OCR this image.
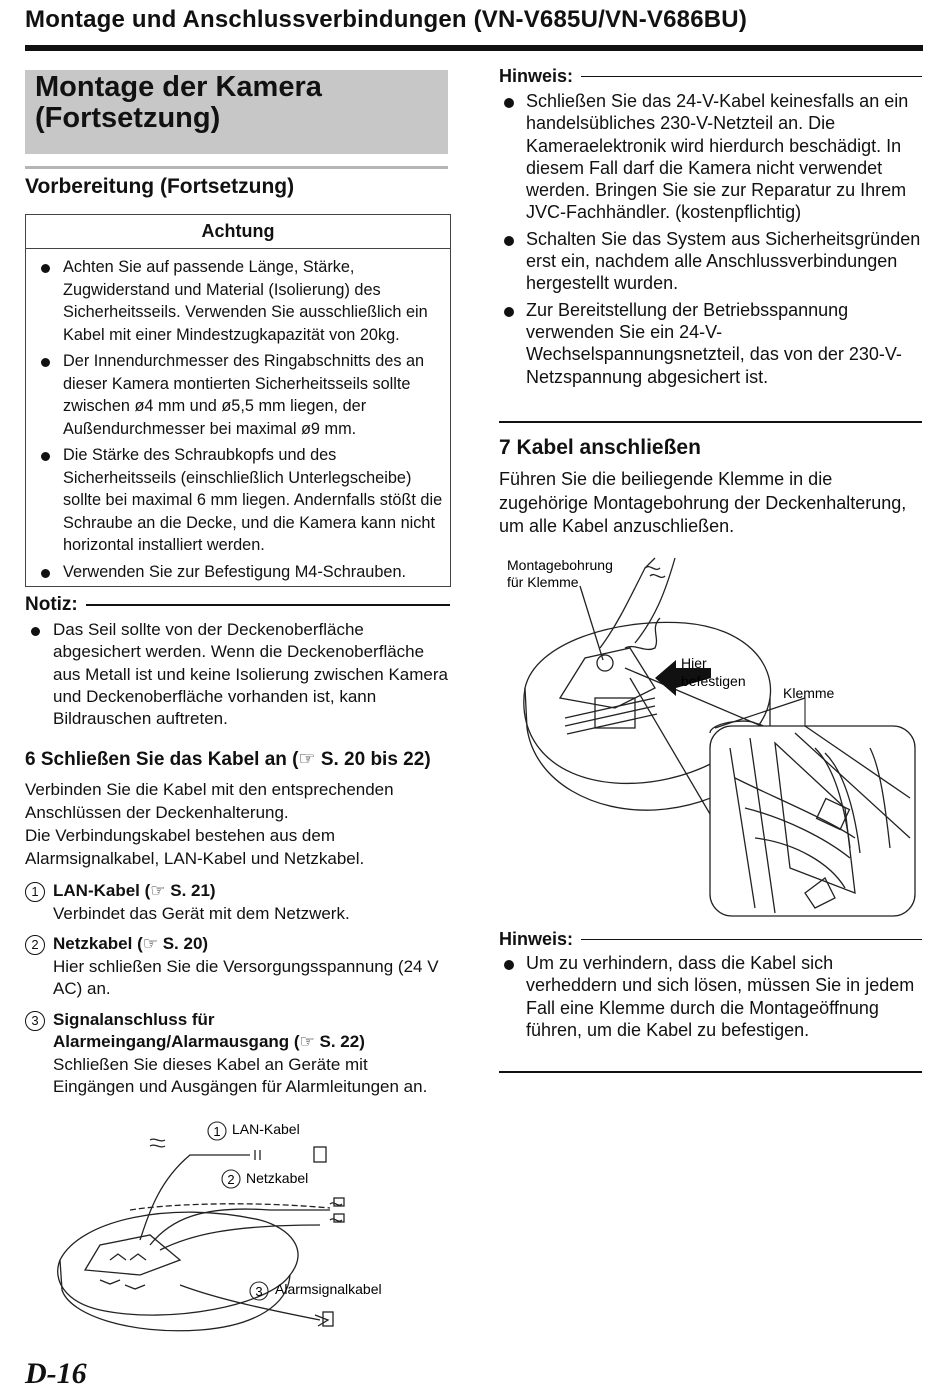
Montage und Anschlussverbindungen (VN-V685U/VN-V686BU)
Montage der Kamera
(Fortsetzung)
Vorbereitung (Fortsetzung)
Achtung
Achten Sie auf passende Länge, Stärke, Zugwiderstand und Material (Isolierung) des Sicherheitsseils. Verwenden Sie ausschließlich ein Kabel mit einer Mindestzugkapazität von 20kg.
Der Innendurchmesser des Ringabschnitts des an dieser Kamera montierten Sicherheitsseils sollte zwischen ø4 mm und ø5,5 mm liegen, der Außendurchmesser bei maximal ø9 mm.
Die Stärke des Schraubkopfs und des Sicherheitsseils (einschließlich Unterlegscheibe) sollte bei maximal 6 mm liegen. Andernfalls stößt die Schraube an die Decke, und die Kamera kann nicht horizontal installiert werden.
Verwenden Sie zur Befestigung M4-Schrauben.
Notiz:
Das Seil sollte von der Deckenoberfläche abgesichert werden. Wenn die Deckenoberfläche aus Metall ist und keine Isolierung zwischen Kamera und Deckenoberfläche vorhanden ist, kann Bildrauschen auftreten.
6 Schließen Sie das Kabel an (☞ S. 20 bis 22)
Verbinden Sie die Kabel mit den entsprechenden Anschlüssen der Deckenhalterung.
Die Verbindungskabel bestehen aus dem Alarmsignalkabel, LAN-Kabel und Netzkabel.
1 LAN-Kabel (☞ S. 21)
Verbindet das Gerät mit dem Netzwerk.
2 Netzkabel (☞ S. 20)
Hier schließen Sie die Versorgungsspannung (24 V AC) an.
3 Signalanschluss für Alarmeingang/Alarmausgang (☞ S. 22)
Schließen Sie dieses Kabel an Geräte mit Eingängen und Ausgängen für Alarmleitungen an.
1 LAN-Kabel
2 Netzkabel
3 Alarmsignalkabel
Hinweis:
Schließen Sie das 24-V-Kabel keinesfalls an ein handelsübliches 230-V-Netzteil an. Die Kameraelektronik wird hierdurch beschädigt. In diesem Fall darf die Kamera nicht verwendet werden. Bringen Sie sie zur Reparatur zu Ihrem JVC-Fachhändler. (kostenpflichtig)
Schalten Sie das System aus Sicherheitsgründen erst ein, nachdem alle Anschlussverbindungen hergestellt wurden.
Zur Bereitstellung der Betriebsspannung verwenden Sie ein 24-V-Wechselspannungsnetzteil, das von der 230-V-Netzspannung abgesichert ist.
7 Kabel anschließen
Führen Sie die beiliegende Klemme in die zugehörige Montagebohrung der Deckenhalterung, um alle Kabel anzuschließen.
Montagebohrung
für Klemme
Hier
befestigen
Klemme
Hinweis:
Um zu verhindern, dass die Kabel sich verheddern und sich lösen, müssen Sie in jedem Fall eine Klemme durch die Montageöffnung führen, um die Kabel zu befestigen.
D-16
